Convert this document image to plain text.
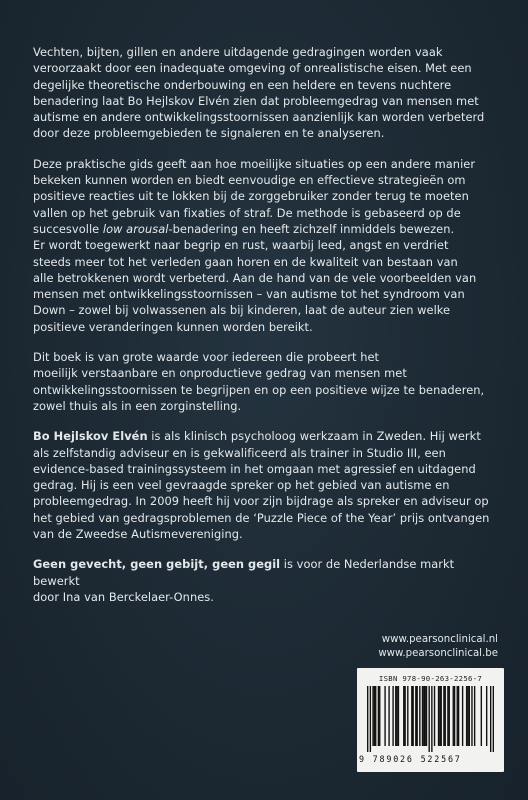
Vechten, bijten, gillen en andere uitdagende gedragingen worden vaak
veroorzaakt door een inadequate omgeving of onrealistische eisen. Met een
degelijke theoretische onderbouwing en een heldere en tevens nuchtere
benadering laat Bo Hejlskov Elvén zien dat probleemgedrag van mensen met
autisme en andere ontwikkelingsstoornissen aanzienlijk kan worden verbeterd
door deze probleemgebieden te signaleren en te analyseren.

Deze praktische gids geeft aan hoe moeilijke situaties op een andere manier
bekeken kunnen worden en biedt eenvoudige en effectieve strategieën om
positieve reacties uit te lokken bij de zorggebruiker zonder terug te moeten
vallen op het gebruik van fixaties of straf. De methode is gebaseerd op de
succesvolle low arousal-benadering en heeft zichzelf inmiddels bewezen.
Er wordt toegewerkt naar begrip en rust, waarbij leed, angst en verdriet
steeds meer tot het verleden gaan horen en de kwaliteit van bestaan van
alle betrokkenen wordt verbeterd. Aan de hand van de vele voorbeelden van
mensen met ontwikkelingsstoornissen – van autisme tot het syndroom van
Down – zowel bij volwassenen als bij kinderen, laat de auteur zien welke
positieve veranderingen kunnen worden bereikt.

Dit boek is van grote waarde voor iedereen die probeert het
moeilijk verstaanbare en onproductieve gedrag van mensen met
ontwikkelingsstoornissen te begrijpen en op een positieve wijze te benaderen,
zowel thuis als in een zorginstelling.

Bo Hejlskov Elvén is als klinisch psycholoog werkzaam in Zweden. Hij werkt
als zelfstandig adviseur en is gekwalificeerd als trainer in Studio III, een
evidence-based trainingssysteem in het omgaan met agressief en uitdagend
gedrag. Hij is een veel gevraagde spreker op het gebied van autisme en
probleemgedrag. In 2009 heeft hij voor zijn bijdrage als spreker en adviseur op
het gebied van gedragsproblemen de ‘Puzzle Piece of the Year’ prijs ontvangen
van de Zweedse Autismevereniging.

Geen gevecht, geen gebijt, geen gegil is voor de Nederlandse markt bewerkt
door Ina van Berckelaer-Onnes.

www.pearsonclinical.nl
www.pearsonclinical.be
ISBN 978-90-263-2256-7
9 789026 522567
